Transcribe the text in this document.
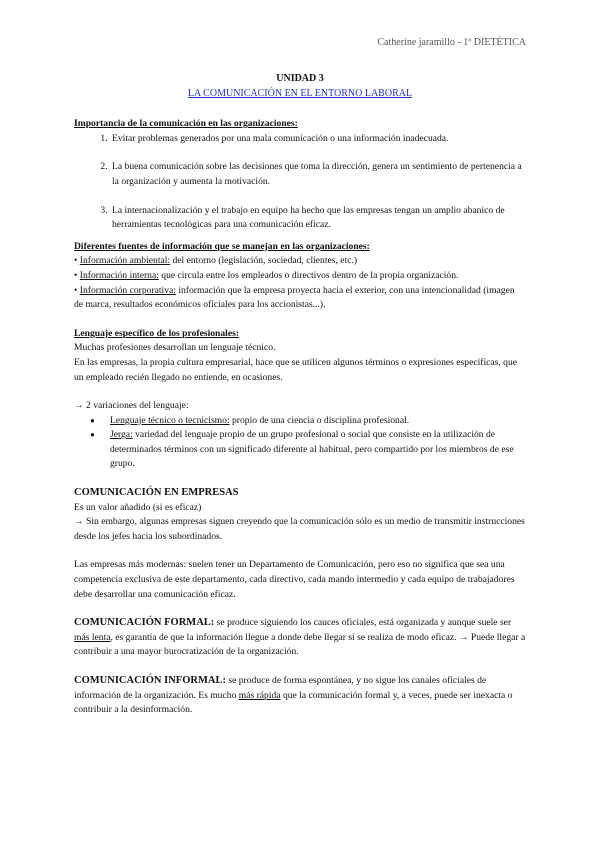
Catherine jaramillo - 1º DIETÉTICA
UNIDAD 3
LA COMUNICACIÓN EN EL ENTORNO LABORAL
Importancia de la comunicación en las organizaciones:
1. Evitar problemas generados por una mala comunicación o una información inadecuada.
2. La buena comunicación sobre las decisiones que toma la dirección, genera un sentimiento de pertenencia a la organización y aumenta la motivación.
3. La internacionalización y el trabajo en equipo ha hecho que las empresas tengan un amplio abanico de herramientas tecnológicas para una comunicación eficaz.
Diferentes fuentes de información que se manejan en las organizaciones:
• Información ambiental: del entorno (legislación, sociedad, clientes, etc.)
• Información interna: que circula entre los empleados o directivos dentro de la propia organización.
• Información corporativa: información que la empresa proyecta hacia el exterior, con una intencionalidad (imagen de marca, resultados económicos oficiales para los accionistas...).
Lenguaje específico de los profesionales:

Muchas profesiones desarrollan un lenguaje técnico.

En las empresas, la propia cultura empresarial, hace que se utilicen algunos términos o expresiones específicas, que un empleado recién llegado no entiende, en ocasiones.

→ 2 variaciones del lenguaje:

● Lenguaje técnico o tecnicismo: propio de una ciencia o disciplina profesional.
● Jerga: variedad del lenguaje propio de un grupo profesional o social que consiste en la utilización de determinados términos con un significado diferente al habitual, pero compartido por los miembros de ese grupo.
COMUNICACIÓN EN EMPRESAS

Es un valor añadido (si es eficaz)

→ Sin embargo, algunas empresas siguen creyendo que la comunicación sólo es un medio de transmitir instrucciones desde los jefes hacia los subordinados.

Las empresas más modernas: suelen tener un Departamento de Comunicación, pero eso no significa que sea una competencia exclusiva de este departamento, cada directivo, cada mando intermedio y cada equipo de trabajadores debe desarrollar una comunicación eficaz.

COMUNICACIÓN FORMAL: se produce siguiendo los cauces oficiales, está organizada y aunque suele ser más lenta, es garantía de que la información llegue a donde debe llegar si se realiza de modo eficaz. → Puede llegar a contribuir a una mayor burocratización de la organización.

COMUNICACIÓN INFORMAL: se produce de forma espontánea, y no sigue los canales oficiales de información de la organización. Es mucho más rápida que la comunicación formal y, a veces, puede ser inexacta o contribuir a la desinformación.
